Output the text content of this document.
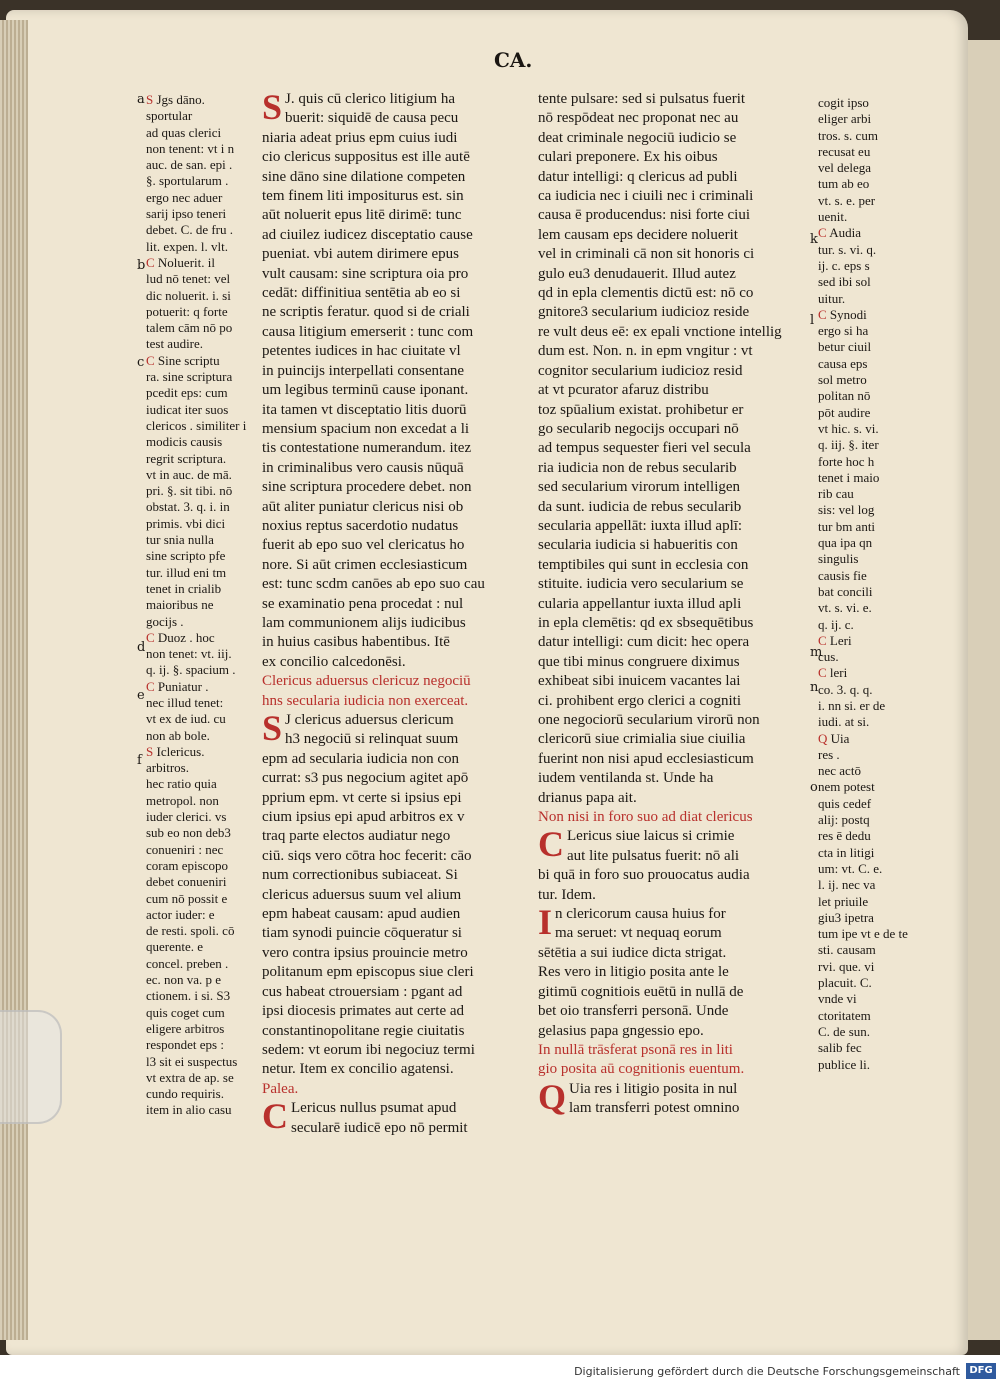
CA.

S Jgs dāno.

sportular

ad quas clerici

non tenent: vt i n

auc. de san. epi .

§. sportularum .

ergo nec aduer

sarij ipso teneri

debet. C. de fru .

lit. expen. l. vlt.

C Noluerit. il

lud nō tenet: vel

dic noluerit. i. si

potuerit: q forte

talem cām nō po

test audire.

C Sine scriptu

ra. sine scriptura

pcedit eps: cum

iudicat iter suos

clericos . similiter i

modicis causis

regrit scriptura.

vt in auc. de mā.

pri. §. sit tibi. nō

obstat. 3. q. i. in

primis. vbi dici

tur snia nulla

sine scripto pfe

tur. illud eni tm

tenet in crialib

maioribus ne

gocijs .

C Duoz . hoc

non tenet: vt. iij.

q. ij. §. spacium .

C Puniatur .

nec illud tenet:

vt ex de iud. cu

non ab bole.

S Iclericus.

arbitros.

hec ratio quia

metropol. non

iuder clerici. vs

sub eo non deb3

conueniri : nec

coram episcopo

debet conueniri

cum nō possit e

actor iuder: e

de resti. spoli. cō

querente. e

concel. preben .

ec. non va. p e

ctionem. i si. S3

quis coget cum

eligere arbitros

respondet eps :

l3 sit ei suspectus

vt extra de ap. se

cundo requiris.

item in alio casu

S J. quis cū clerico litigium ha

buerit: siquidē de causa pecu

niaria adeat prius epm cuius iudi

cio clericus suppositus est ille autē

sine dāno sine dilatione competen

tem finem liti impositurus est. sin

aūt noluerit epus litē dirimē: tunc

ad ciuilez iudicez disceptatio cause

pueniat. vbi autem dirimere epus

vult causam: sine scriptura oia pro

cedāt: diffinitiua sentētia ab eo si

ne scriptis feratur. quod si de criali

causa litigium emerserit : tunc com

petentes iudices in hac ciuitate vl

in puincijs interpellati consentane

um legibus terminū cause iponant.

ita tamen vt disceptatio litis duorū

mensium spacium non excedat a li

tis contestatione numerandum. itez

in criminalibus vero causis nūquā

sine scriptura procedere debet. non

aūt aliter puniatur clericus nisi ob

noxius reptus sacerdotio nudatus

fuerit ab epo suo vel clericatus ho

nore. Si aūt crimen ecclesiasticum

est: tunc scdm canōes ab epo suo cau

se examinatio pena procedat : nul

lam communionem alijs iudicibus

in huius casibus habentibus. Itē

ex concilio calcedonēsi.

Clericus aduersus clericuz negociū

hns secularia iudicia non exerceat.

S J clericus aduersus clericum

h3 negociū si relinquat suum

epm ad secularia iudicia non con

currat: s3 pus negocium agitet apō

pprium epm. vt certe si ipsius epi

cium ipsius epi apud arbitros ex v

traq parte electos audiatur nego

ciū. siqs vero cōtra hoc fecerit: cāo

num correctionibus subiaceat. Si

clericus aduersus suum vel alium

epm habeat causam: apud audien

tiam synodi puincie cōqueratur si

vero contra ipsius prouincie metro

politanum epm episcopus siue cleri

cus habeat ctrouersiam : pgant ad

ipsi diocesis primates aut certe ad

constantinopolitane regie ciuitatis

sedem: vt eorum ibi negociuz termi

netur. Item ex concilio agatensi.

Palea.

C Lericus nullus psumat apud

secularē iudicē epo nō permit

tente pulsare: sed si pulsatus fuerit

nō respōdeat nec proponat nec au

deat criminale negociū iudicio se

culari preponere. Ex his oibus

datur intelligi: q clericus ad publi

ca iudicia nec i ciuili nec i criminali

causa ē producendus: nisi forte ciui

lem causam eps decidere noluerit

vel in criminali cā non sit honoris ci

gulo eu3 denudauerit. Illud autez

qd in epla clementis dictū est: nō co

gnitore3 secularium iudicioz reside

re vult deus eē: ex epali vnctione intellig

dum est. Non. n. in epm vngitur : vt

cognitor secularium iudicioz resid

at vt pcurator afaruz distribu

toz spūalium existat. prohibetur er

go secularib negocijs occupari nō

ad tempus sequester fieri vel secula

ria iudicia non de rebus secularib

sed secularium virorum intelligen

da sunt. iudicia de rebus secularib

secularia appellāt: iuxta illud aplī:

secularia iudicia si habueritis con

temptibiles qui sunt in ecclesia con

stituite. iudicia vero secularium se

cularia appellantur iuxta illud apli

in epla clemētis: qd ex sbsequētibus

datur intelligi: cum dicit: hec opera

que tibi minus congruere diximus

exhibeat sibi inuicem vacantes lai

ci. prohibent ergo clerici a cogniti

one negociorū secularium virorū non

clericorū siue crimialia siue ciuilia

fuerint non nisi apud ecclesiasticum

iudem ventilanda st. Unde ha

drianus papa ait.

Non nisi in foro suo ad diat clericus

C Lericus siue laicus si crimie

aut lite pulsatus fuerit: nō ali

bi quā in foro suo prouocatus audia

tur. Idem.

In clericorum causa huius for

ma seruet: vt nequaq eorum

sētētia a sui iudice dicta strigat.

Res vero in litigio posita ante le

gitimū cognitiois euētū in nullā de

bet oio transferri personā. Unde

gelasius papa gngessio epo.

In nullā trāsferat psonā res in liti

gio posita aū cognitionis euentum.

Q Uia res i litigio posita in nul

lam transferri potest omnino

cogit ipso

eliger arbi

tros. s. cum

recusat eu

vel delega

tum ab eo

vt. s. e. per

uenit.

C Audia

tur. s. vi. q.

ij. c. eps s

sed ibi sol

uitur.

C Synodi

ergo si ha

betur ciuil

causa eps

sol metro

politan nō

pōt audire

vt hic. s. vi.

q. iij. §. iter

forte hoc h

tenet i maio

rib cau

sis: vel log

tur bm anti

qua ipa qn

singulis

causis fie

bat concili

vt. s. vi. e.

q. ij. c.

C Leri

cus.

C leri

co. 3. q. q.

i. nn si. er de

iudi. at si.

Q Uia

res .

nec actō

nem potest

quis cedef

alij: postq

res ē dedu

cta in litigi

um: vt. C. e.

l. ij. nec va

let priuile

giu3 ipetra

tum ipe vt e de te

sti. causam

rvi. que. vi

placuit. C.

vnde vi

ctoritatem

C. de sun.

salib fec

publice li.

a
b
c
d
e
f
k
l
m
n
o
Digitalisierung gefördert durch die Deutsche Forschungsgemeinschaft DFG
